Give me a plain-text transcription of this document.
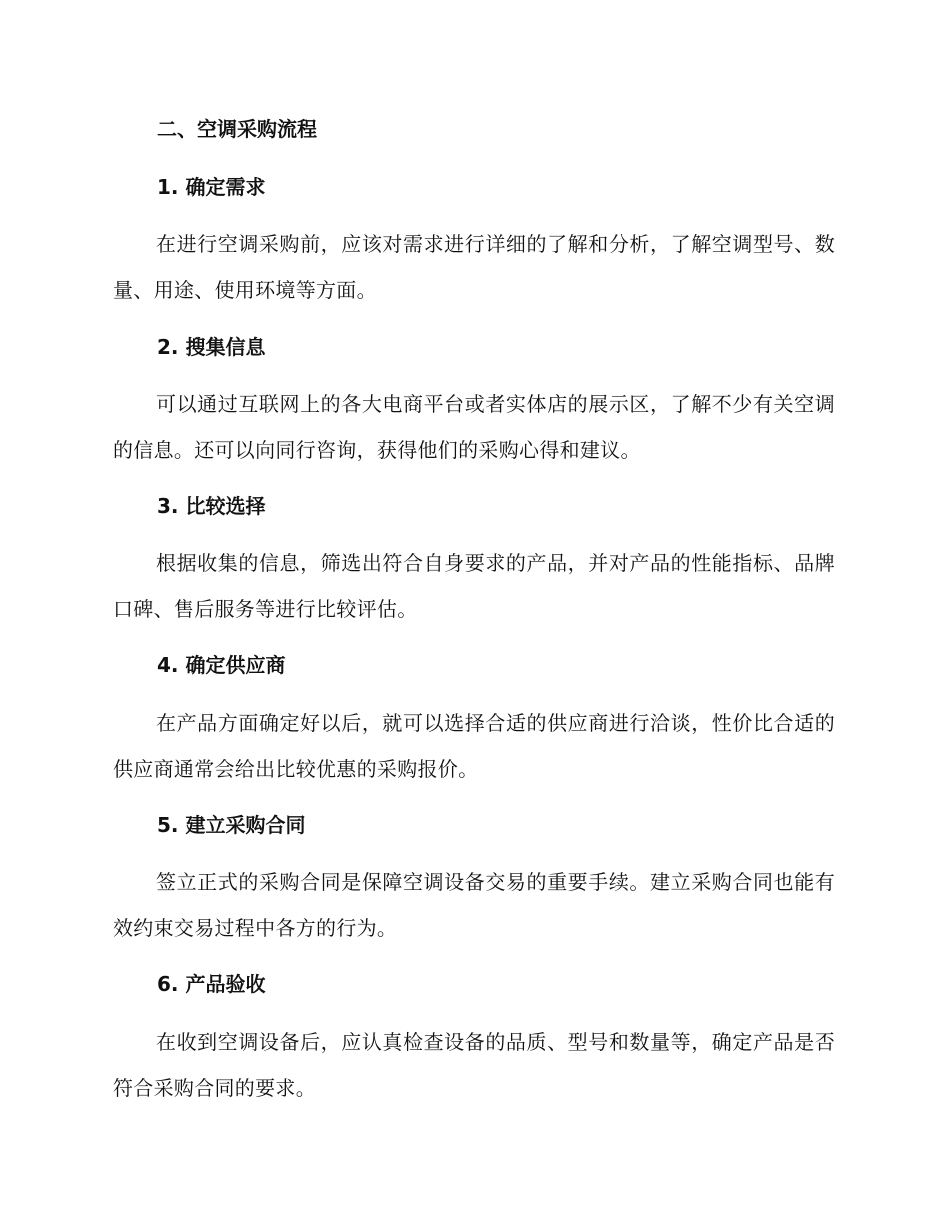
二、空调采购流程
1. 确定需求
在进行空调采购前，应该对需求进行详细的了解和分析，了解空调型号、数量、用途、使用环境等方面。
2. 搜集信息
可以通过互联网上的各大电商平台或者实体店的展示区，了解不少有关空调的信息。还可以向同行咨询，获得他们的采购心得和建议。
3. 比较选择
根据收集的信息，筛选出符合自身要求的产品，并对产品的性能指标、品牌口碑、售后服务等进行比较评估。
4. 确定供应商
在产品方面确定好以后，就可以选择合适的供应商进行洽谈，性价比合适的供应商通常会给出比较优惠的采购报价。
5. 建立采购合同
签立正式的采购合同是保障空调设备交易的重要手续。建立采购合同也能有效约束交易过程中各方的行为。
6. 产品验收
在收到空调设备后，应认真检查设备的品质、型号和数量等，确定产品是否符合采购合同的要求。
